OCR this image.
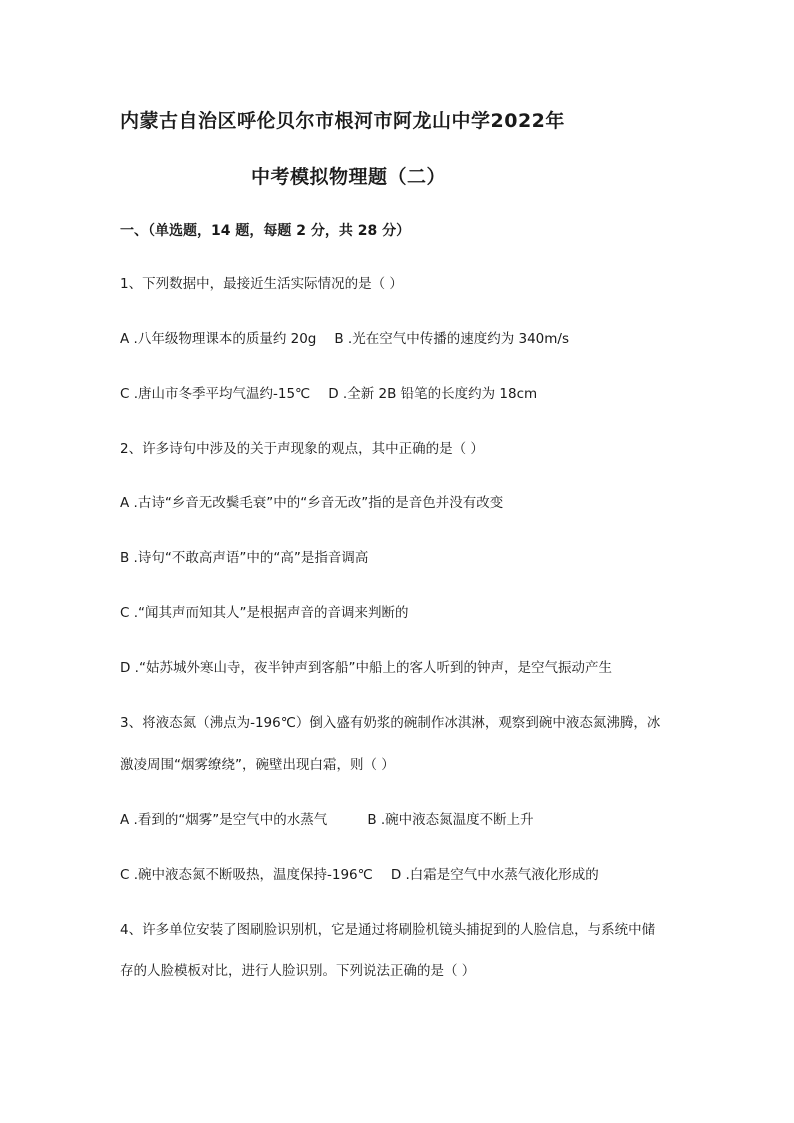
内蒙古自治区呼伦贝尔市根河市阿龙山中学2022年
中考模拟物理题（二）
一、（单选题，14 题，每题 2 分，共 28 分）
1、下列数据中，最接近生活实际情况的是（ ）
A .八年级物理课本的质量约 20g B .光在空气中传播的速度约为 340m/s
C .唐山市冬季平均气温约-15℃ D .全新 2B 铅笔的长度约为 18cm
2、许多诗句中涉及的关于声现象的观点，其中正确的是（ ）
A .古诗“乡音无改鬓毛衰”中的“乡音无改”指的是音色并没有改变
B .诗句“不敢高声语”中的“高”是指音调高
C .“闻其声而知其人”是根据声音的音调来判断的
D .“姑苏城外寒山寺，夜半钟声到客船”中船上的客人听到的钟声，是空气振动产生
3、将液态氮（沸点为-196℃）倒入盛有奶浆的碗制作冰淇淋，观察到碗中液态氮沸腾，冰
激凌周围“烟雾缭绕”，碗壁出现白霜，则（ ）
A .看到的“烟雾”是空气中的水蒸气	B .碗中液态氮温度不断上升
C .碗中液态氮不断吸热，温度保持-196℃ D .白霜是空气中水蒸气液化形成的
4、许多单位安装了图刷脸识别机，它是通过将刷脸机镜头捕捉到的人脸信息，与系统中储
存的人脸模板对比，进行人脸识别。下列说法正确的是（ ）
